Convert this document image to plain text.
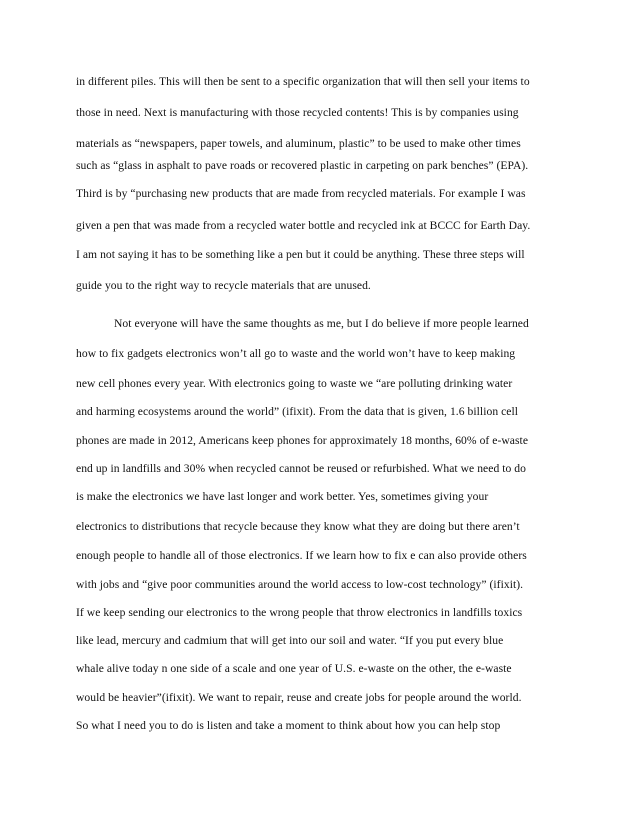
in different piles. This will then be sent to a specific organization that will then sell your items to
those in need. Next is manufacturing with those recycled contents! This is by companies using
materials as “newspapers, paper towels, and aluminum, plastic” to be used to make other times
such as “glass in asphalt to pave roads or recovered plastic in carpeting on park benches” (EPA).
Third is by “purchasing new products that are made from recycled materials. For example I was
given a pen that was made from a recycled water bottle and recycled ink at BCCC for Earth Day.
I am not saying it has to be something like a pen but it could be anything. These three steps will
guide you to the right way to recycle materials that are unused.
Not everyone will have the same thoughts as me, but I do believe if more people learned
how to fix gadgets electronics won’t all go to waste and the world won’t have to keep making
new cell phones every year. With electronics going to waste we “are polluting drinking water
and harming ecosystems around the world” (ifixit). From the data that is given, 1.6 billion cell
phones are made in 2012, Americans keep phones for approximately 18 months, 60% of e-waste
end up in landfills and 30% when recycled cannot be reused or refurbished. What we need to do
is make the electronics we have last longer and work better. Yes, sometimes giving your
electronics to distributions that recycle because they know what they are doing but there aren’t
enough people to handle all of those electronics. If we learn how to fix e can also provide others
with jobs and “give poor communities around the world access to low-cost technology” (ifixit).
If we keep sending our electronics to the wrong people that throw electronics in landfills toxics
like lead, mercury and cadmium that will get into our soil and water. “If you put every blue
whale alive today n one side of a scale and one year of U.S. e-waste on the other, the e-waste
would be heavier”(ifixit). We want to repair, reuse and create jobs for people around the world.
So what I need you to do is listen and take a moment to think about how you can help stop
